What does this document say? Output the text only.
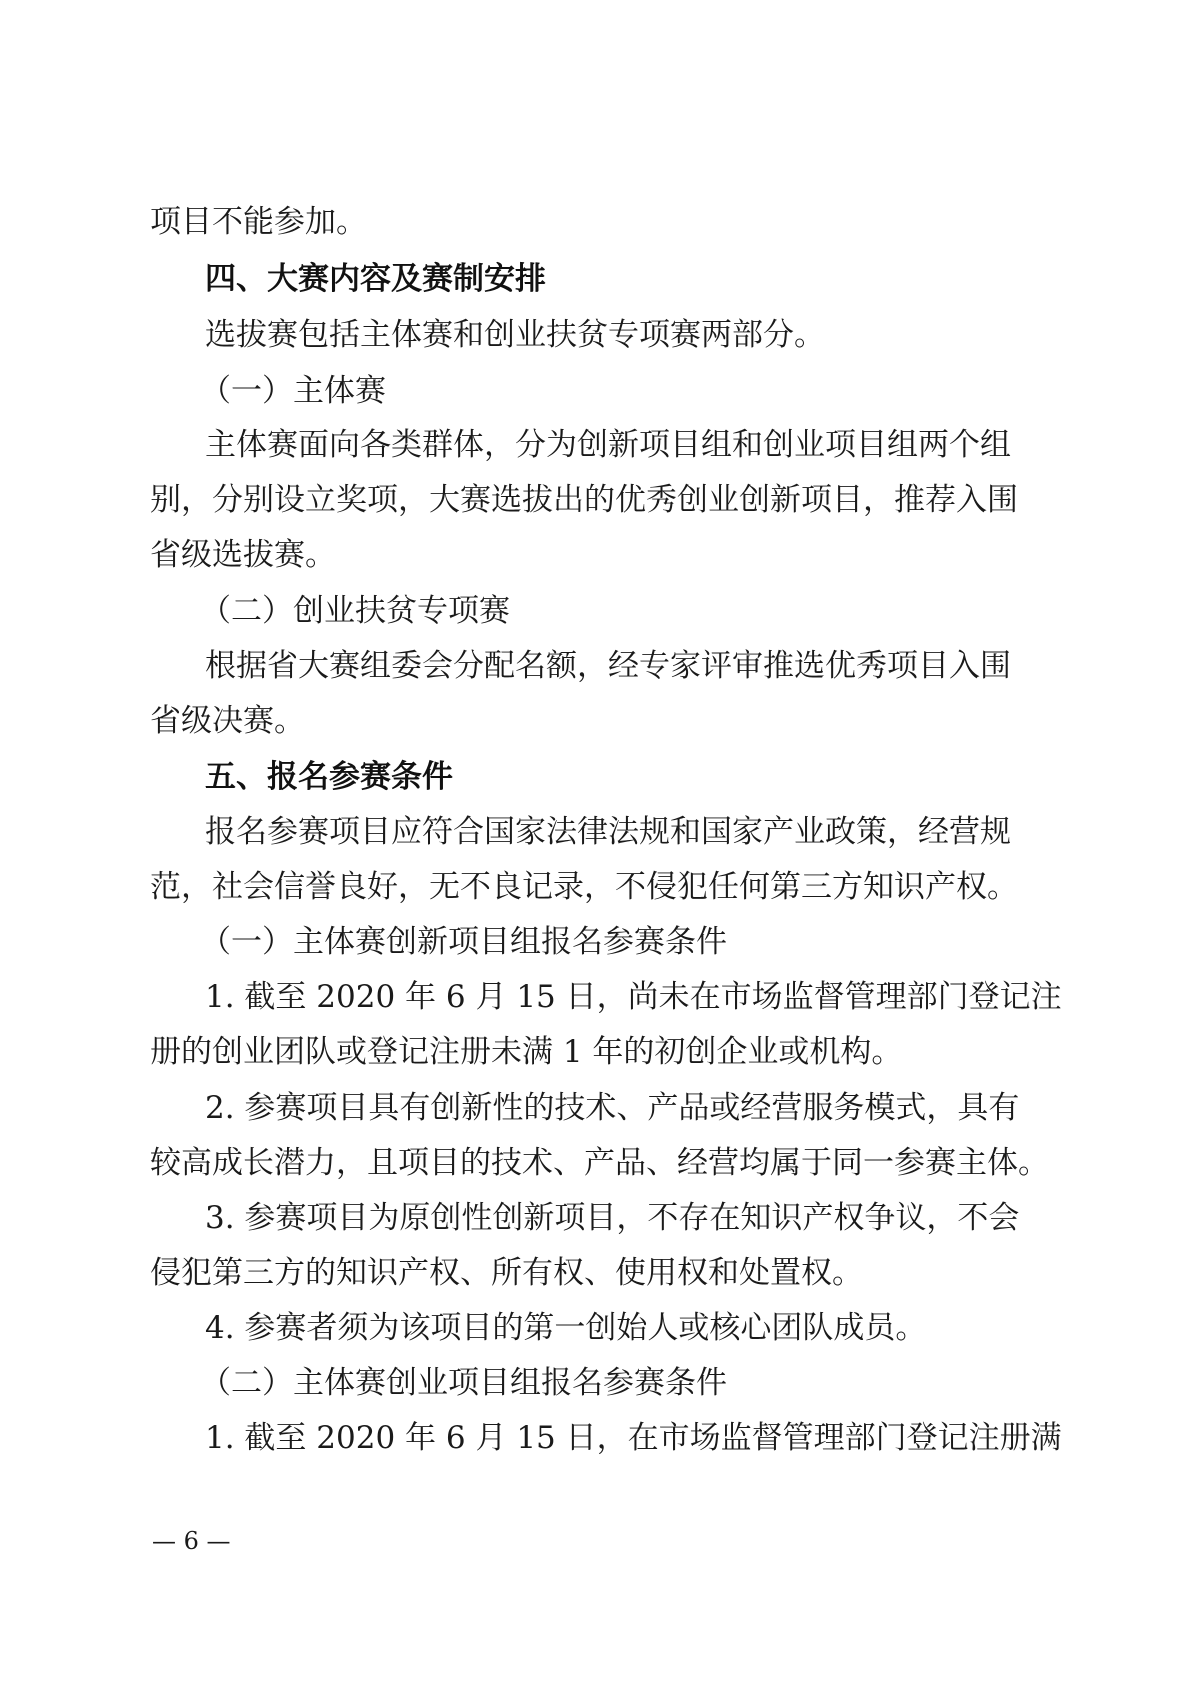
项目不能参加。
四、大赛内容及赛制安排
选拔赛包括主体赛和创业扶贫专项赛两部分。
（一）主体赛
主体赛面向各类群体，分为创新项目组和创业项目组两个组
别，分别设立奖项，大赛选拔出的优秀创业创新项目，推荐入围
省级选拔赛。
（二）创业扶贫专项赛
根据省大赛组委会分配名额，经专家评审推选优秀项目入围
省级决赛。
五、报名参赛条件
报名参赛项目应符合国家法律法规和国家产业政策，经营规
范，社会信誉良好，无不良记录，不侵犯任何第三方知识产权。
（一）主体赛创新项目组报名参赛条件
1. 截至 2020 年 6 月 15 日，尚未在市场监督管理部门登记注
册的创业团队或登记注册未满 1 年的初创企业或机构。
2. 参赛项目具有创新性的技术、产品或经营服务模式，具有
较高成长潜力，且项目的技术、产品、经营均属于同一参赛主体。
3. 参赛项目为原创性创新项目，不存在知识产权争议，不会
侵犯第三方的知识产权、所有权、使用权和处置权。
4. 参赛者须为该项目的第一创始人或核心团队成员。
（二）主体赛创业项目组报名参赛条件
1. 截至 2020 年 6 月 15 日，在市场监督管理部门登记注册满
— 6 —
